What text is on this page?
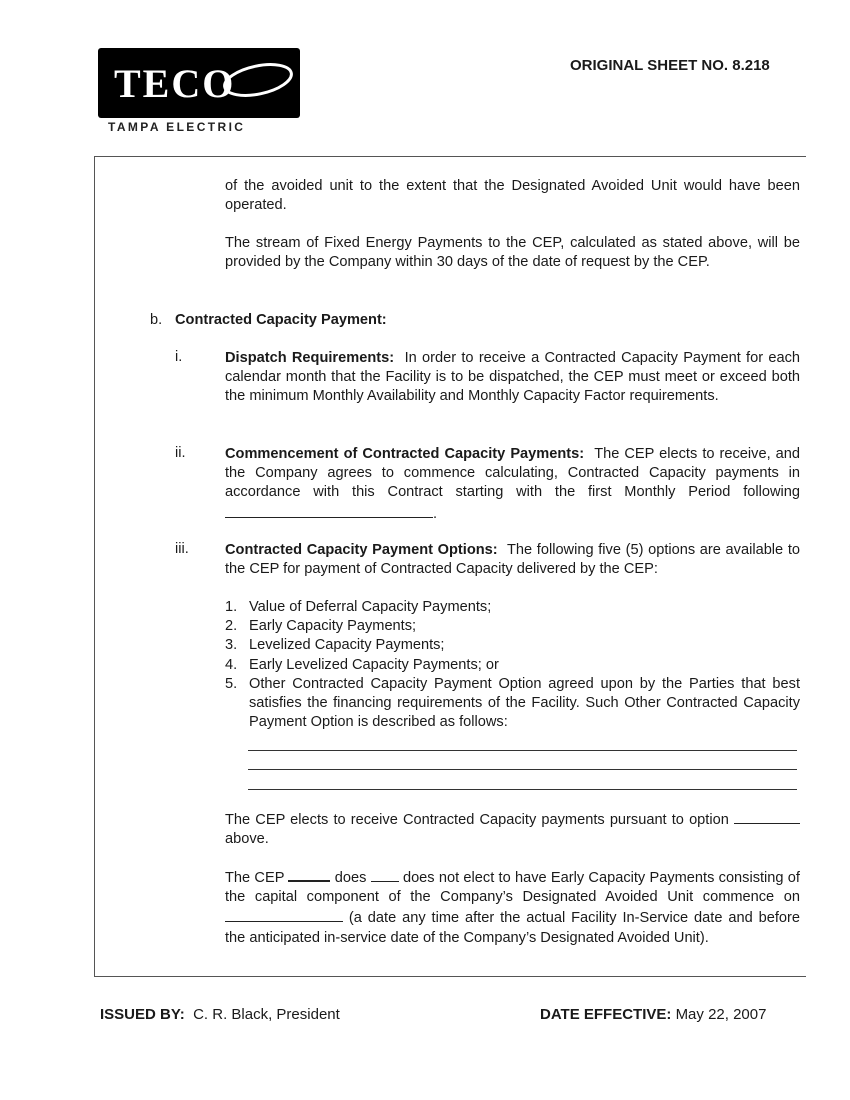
TECO
TAMPA ELECTRIC
ORIGINAL SHEET NO. 8.218
of the avoided unit to the extent that the Designated Avoided Unit would have been operated.
The stream of Fixed Energy Payments to the CEP, calculated as stated above, will be provided by the Company within 30 days of the date of request by the CEP.
b. Contracted Capacity Payment:
i.	Dispatch Requirements: In order to receive a Contracted Capacity Payment for each calendar month that the Facility is to be dispatched, the CEP must meet or exceed both the minimum Monthly Availability and Monthly Capacity Factor requirements.
ii.	Commencement of Contracted Capacity Payments: The CEP elects to receive, and the Company agrees to commence calculating, Contracted Capacity payments in accordance with this Contract starting with the first Monthly Period following .
iii. Contracted Capacity Payment Options: The following five (5) options are available to the CEP for payment of Contracted Capacity delivered by the CEP:
1. Value of Deferral Capacity Payments;
2. Early Capacity Payments;
3. Levelized Capacity Payments;
4. Early Levelized Capacity Payments; or
5. Other Contracted Capacity Payment Option agreed upon by the Parties that best satisfies the financing requirements of the Facility. Such Other Contracted Capacity Payment Option is described as follows:
The CEP elects to receive Contracted Capacity payments pursuant to option  above.
The CEP	does	does not elect to have Early Capacity Payments consisting of the capital component of the Company’s Designated Avoided Unit commence on  (a date any time after the actual Facility In-Service date and before the anticipated in-service date of the Company’s Designated Avoided Unit).
ISSUED BY: C. R. Black, President	DATE EFFECTIVE: May 22, 2007
